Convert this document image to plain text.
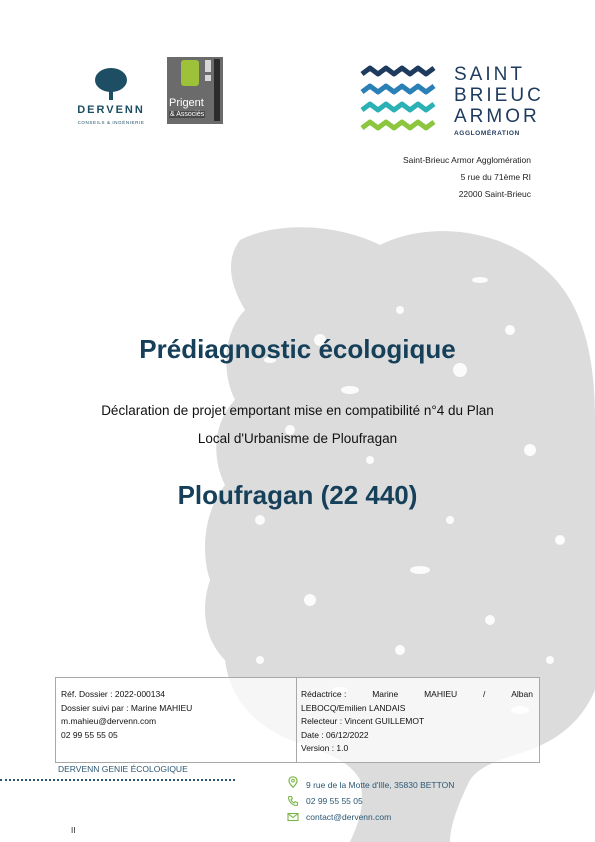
DERVENN
CONSEILS & INGÉNIERIE
Prigent
& Associés
SAINT
BRIEUC
ARMOR
AGGLOMÉRATION
Saint-Brieuc Armor Agglomération
5 rue du 71ème RI
22000 Saint-Brieuc
Prédiagnostic écologique
Déclaration de projet emportant mise en compatibilité n°4 du Plan
Local d'Urbanisme de Ploufragan
Ploufragan (22 440)
Réf. Dossier : 2022-000134
Dossier suivi par : Marine MAHIEU
m.mahieu@dervenn.com
02 99 55 55 05
Rédactrice :	Marine	MAHIEU	/	Alban
LEBOCQ/Emilien LANDAIS
Relecteur : Vincent GUILLEMOT
Date : 06/12/2022
Version : 1.0
DERVENN GENIE ÉCOLOGIQUE
9 rue de la Motte d'Ille, 35830 BETTON
02 99 55 55 05
contact@dervenn.com
II
